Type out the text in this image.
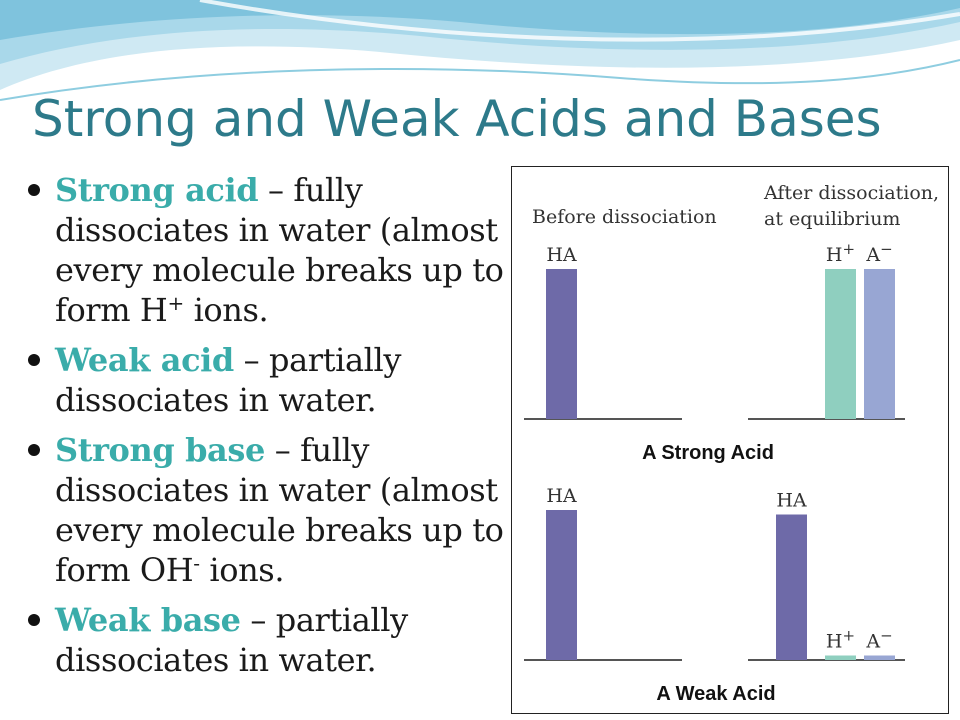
Strong and Weak Acids and Bases
Strong acid – fully dissociates in water (almost every molecule breaks up to form H+ ions.
Weak acid – partially dissociates in water.
Strong base – fully dissociates in water (almost every molecule breaks up to form OH- ions.
Weak base – partially dissociates in water.
Before dissociation
After dissociation,
at equilibrium
A Strong Acid
A Weak Acid
HA	H+ A−
HA	HA
H+ A−
